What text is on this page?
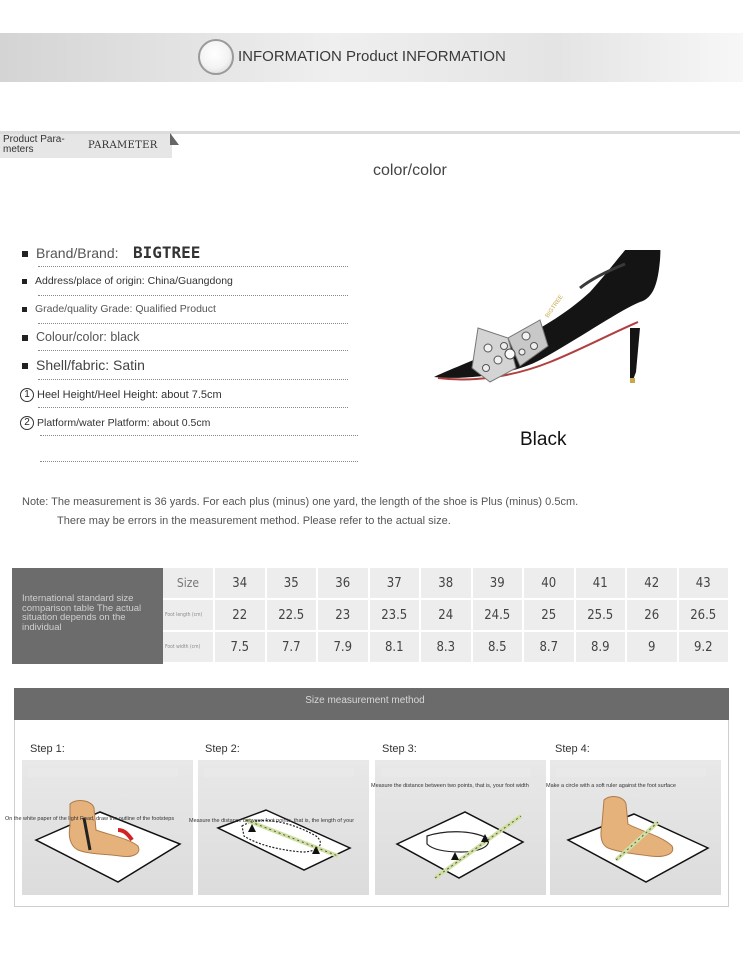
INFORMATION Product INFORMATION
Product Para-meters	PARAMETER
color/color
Brand/Brand: BIGTREE
Address/place of origin: China/Guangdong
Grade/quality Grade: Qualified Product
Colour/color: black
Shell/fabric: Satin
1 Heel Height/Heel Height: about 7.5cm
2 Platform/water Platform: about 0.5cm
BIGTREE
Black
Note: The measurement is 36 yards. For each plus (minus) one yard, the length of the shoe is Plus (minus) 0.5cm.
There may be errors in the measurement method. Please refer to the actual size.
International standard size comparison table The actual situation depends on the individual
Size	34	35	36	37	38	39	40	41	42	43
Foot length (cm)	22	22.5	23	23.5	24	24.5	25	25.5	26	26.5
Foot width (cm)	7.5	7.7	7.9	8.1	8.3	8.5	8.7	8.9	9	9.2
Size measurement method
Step 1:	Step 2:	Step 3:	Step 4:
On the white paper of the light Road, draw the outline of the footsteps	Measure the distance between foot points, that is, the length of your
Measure the distance between two points, that is, your foot width	Make a circle with a soft ruler against the foot surface
